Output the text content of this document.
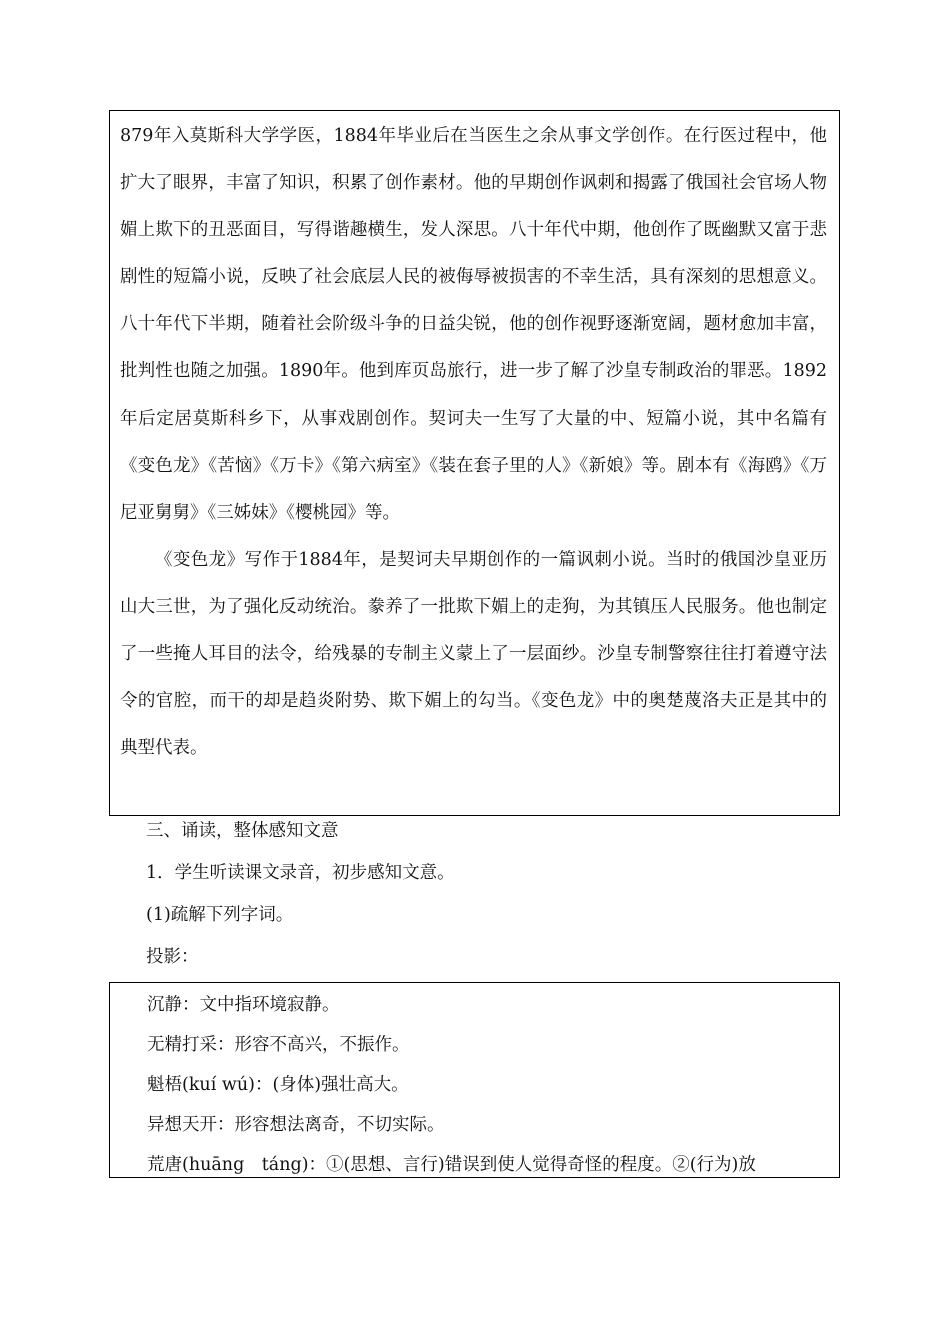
879年入莫斯科大学学医，1884年毕业后在当医生之余从事文学创作。在行医过程中，他扩大了眼界，丰富了知识，积累了创作素材。他的早期创作讽刺和揭露了俄国社会官场人物媚上欺下的丑恶面目，写得谐趣横生，发人深思。八十年代中期，他创作了既幽默又富于悲剧性的短篇小说，反映了社会底层人民的被侮辱被损害的不幸生活，具有深刻的思想意义。八十年代下半期，随着社会阶级斗争的日益尖锐，他的创作视野逐渐宽阔，题材愈加丰富，批判性也随之加强。1890年。他到库页岛旅行，进一步了解了沙皇专制政治的罪恶。1892年后定居莫斯科乡下，从事戏剧创作。契诃夫一生写了大量的中、短篇小说，其中名篇有《变色龙》《苦恼》《万卡》《第六病室》《装在套子里的人》《新娘》等。剧本有《海鸥》《万尼亚舅舅》《三姊妹》《樱桃园》等。

《变色龙》写作于1884年，是契诃夫早期创作的一篇讽刺小说。当时的俄国沙皇亚历山大三世，为了强化反动统治。豢养了一批欺下媚上的走狗，为其镇压人民服务。他也制定了一些掩人耳目的法令，给残暴的专制主义蒙上了一层面纱。沙皇专制警察往往打着遵守法令的官腔，而干的却是趋炎附势、欺下媚上的勾当。《变色龙》中的奥楚蔑洛夫正是其中的典型代表。

三、诵读，整体感知文意

1．学生听读课文录音，初步感知文意。

(1)疏解下列字词。

投影：

沉静：文中指环境寂静。

无精打采：形容不高兴，不振作。

魁梧(kuí wú)：(身体)强壮高大。

异想天开：形容想法离奇，不切实际。

荒唐(huāng　táng)：①(思想、言行)错误到使人觉得奇怪的程度。②(行为)放
